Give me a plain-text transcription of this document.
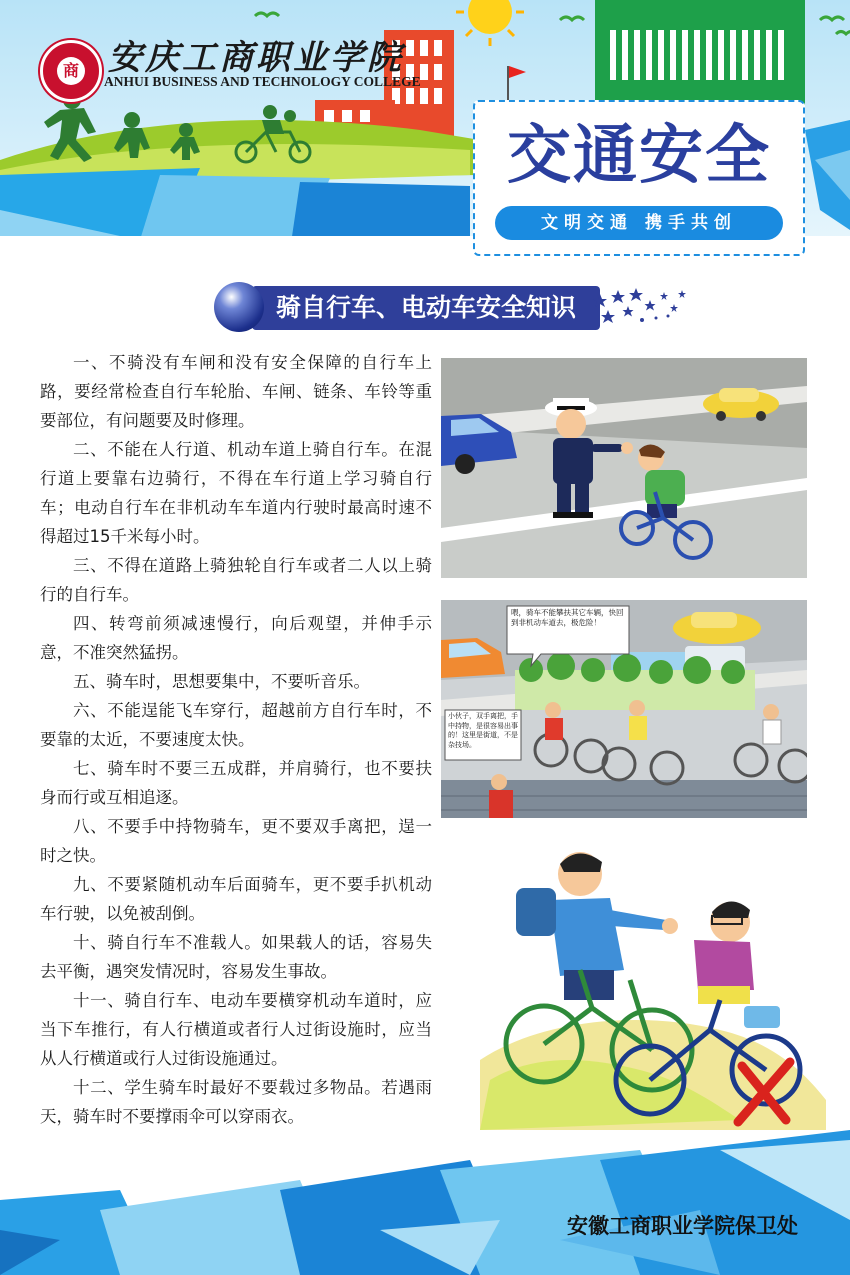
商 安庆工商职业学院
ANHUI BUSINESS AND TECHNOLOGY COLLEGE
交通安全
文明交通 携手共创
骑自行车、电动车安全知识

一、不骑没有车闸和没有安全保障的自行车上路，要经常检查自行车轮胎、车闸、链条、车铃等重要部位，有问题要及时修理。

二、不能在人行道、机动车道上骑自行车。在混行道上要靠右边骑行，不得在车行道上学习骑自行车；电动自行车在非机动车车道内行驶时最高时速不得超过15千米每小时。

三、不得在道路上骑独轮自行车或者二人以上骑行的自行车。

四、转弯前须减速慢行，向后观望，并伸手示意，不准突然猛拐。

五、骑车时，思想要集中，不要听音乐。

六、不能逞能飞车穿行，超越前方自行车时，不要靠的太近，不要速度太快。

七、骑车时不要三五成群，并肩骑行，也不要扶身而行或互相追逐。

八、不要手中持物骑车，更不要双手离把，逞一时之快。

九、不要紧随机动车后面骑车，更不要手扒机动车行驶，以免被刮倒。

十、骑自行车不准载人。如果载人的话，容易失去平衡，遇突发情况时，容易发生事故。

十一、骑自行车、电动车要横穿机动车道时，应当下车推行，有人行横道或者行人过街设施时，应当从人行横道或行人过街设施通过。

十二、学生骑车时最好不要载过多物品。若遇雨天，骑车时不要撑雨伞可以穿雨衣。

喂，骑车不能攀扶其它车辆，快回到非机动车道去，极危险！
小伙子，双手离把，手中持物，是很容易出事的！这里是街道，不是杂技场。
安徽工商职业学院保卫处
